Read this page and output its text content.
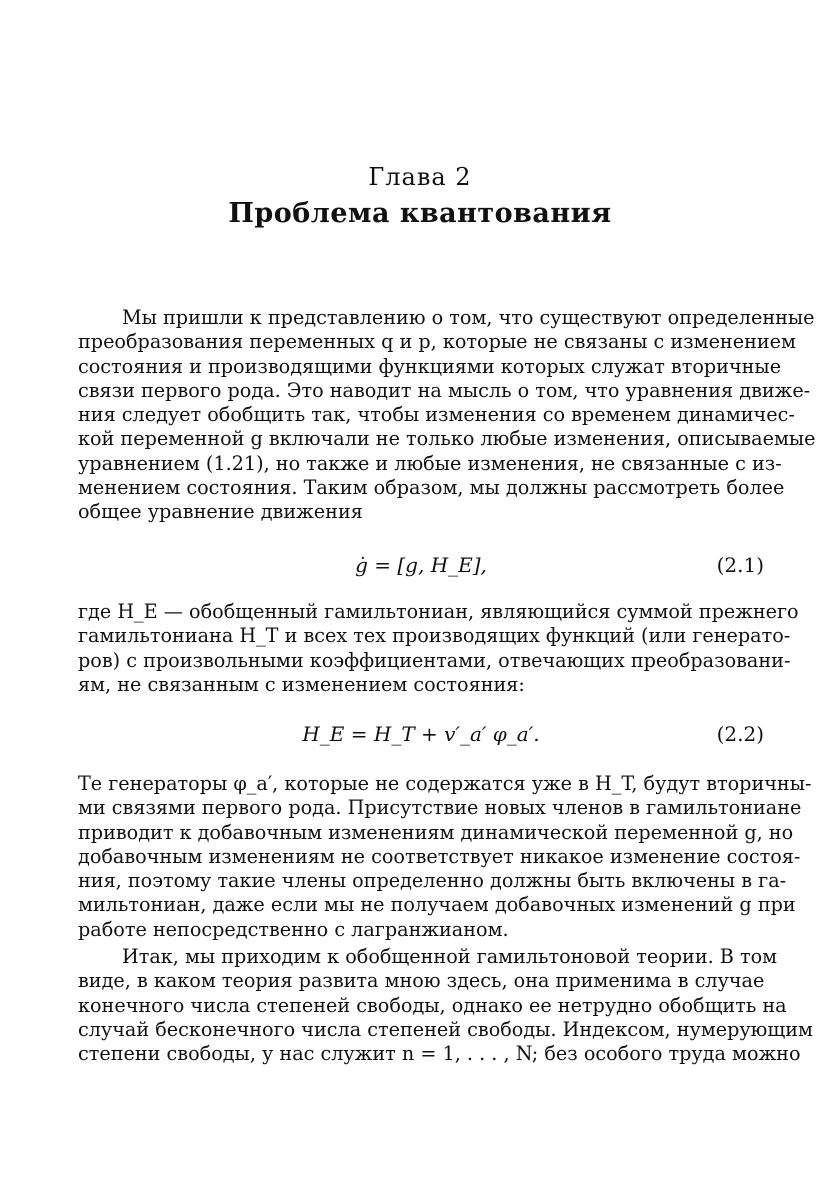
Глава 2
Проблема квантования
Мы пришли к представлению о том, что существуют определенные
преобразования переменных q и p, которые не связаны с изменением
состояния и производящими функциями которых служат вторичные
связи первого рода. Это наводит на мысль о том, что уравнения движе-
ния следует обобщить так, чтобы изменения со временем динамичес-
кой переменной g включали не только любые изменения, описываемые
уравнением (1.21), но также и любые изменения, не связанные с из-
менением состояния. Таким образом, мы должны рассмотреть более
общее уравнение движения
ġ = [g, H_E],	(2.1)
где H_E — обобщенный гамильтониан, являющийся суммой прежнего
гамильтониана H_T и всех тех производящих функций (или генерато-
ров) с произвольными коэффициентами, отвечающих преобразовани-
ям, не связанным с изменением состояния:
H_E = H_T + v′_a′ φ_a′.	(2.2)
Те генераторы φ_a′, которые не содержатся уже в H_T, будут вторичны-
ми связями первого рода. Присутствие новых членов в гамильтониане
приводит к добавочным изменениям динамической переменной g, но
добавочным изменениям не соответствует никакое изменение состоя-
ния, поэтому такие члены определенно должны быть включены в га-
мильтониан, даже если мы не получаем добавочных изменений g при
работе непосредственно с лагранжианом.
Итак, мы приходим к обобщенной гамильтоновой теории. В том
виде, в каком теория развита мною здесь, она применима в случае
конечного числа степеней свободы, однако ее нетрудно обобщить на
случай бесконечного числа степеней свободы. Индексом, нумерующим
степени свободы, у нас служит n = 1, . . . , N; без особого труда можно
